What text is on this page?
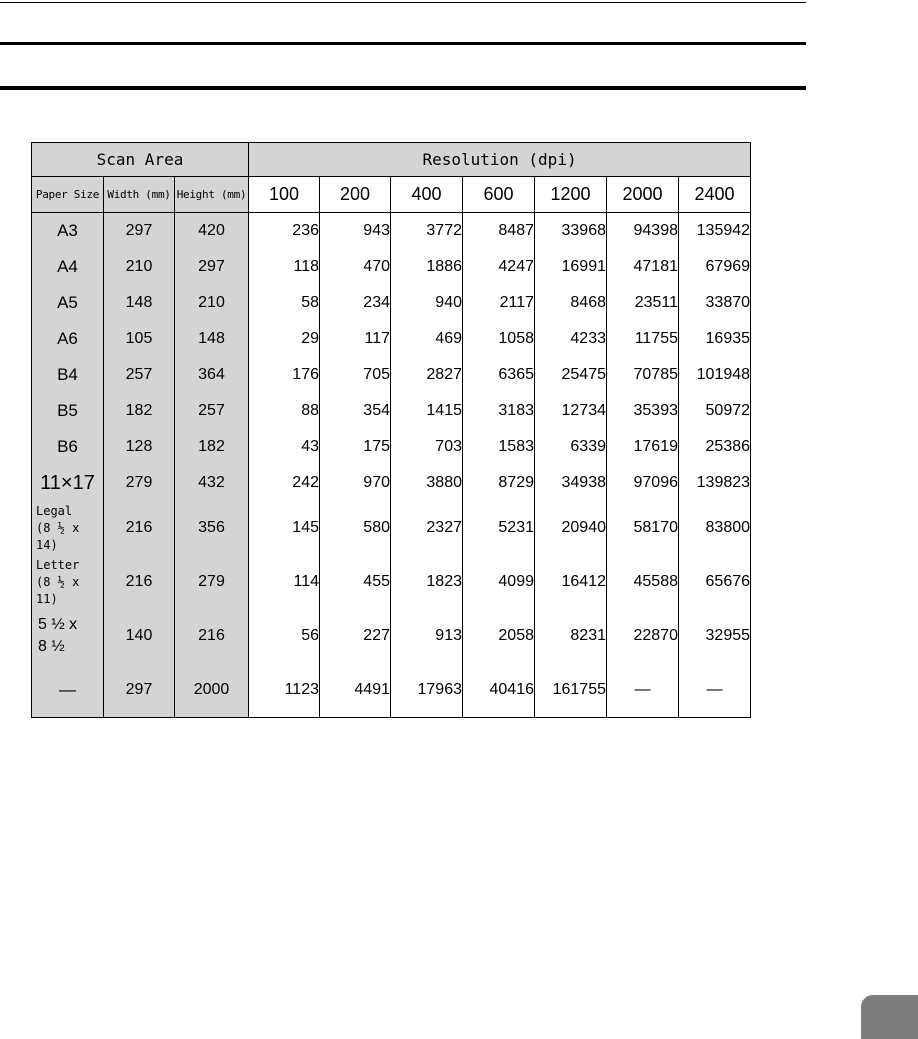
Scan Area			Resolution (dpi)						
Paper Size	Width (mm)	Height (mm)	100	200	400	600	1200	2000	2400
A3	297	420	236	943	3772	8487	33968	94398	135942
A4	210	297	118	470	1886	4247	16991	47181	67969
A5	148	210	58	234	940	2117	8468	23511	33870
A6	105	148	29	117	469	1058	4233	11755	16935
B4	257	364	176	705	2827	6365	25475	70785	101948
B5	182	257	88	354	1415	3183	12734	35393	50972
B6	128	182	43	175	703	1583	6339	17619	25386
11×17	279	432	242	970	3880	8729	34938	97096	139823
Legal
(8 ½ x 14)	216	356	145	580	2327	5231	20940	58170	83800
Letter
(8 ½ x 11)	216	279	114	455	1823	4099	16412	45588	65676
5 ½ x
8 ½	140	216	56	227	913	2058	8231	22870	32955
—	297	2000	1123	4491	17963	40416	161755	—	—
